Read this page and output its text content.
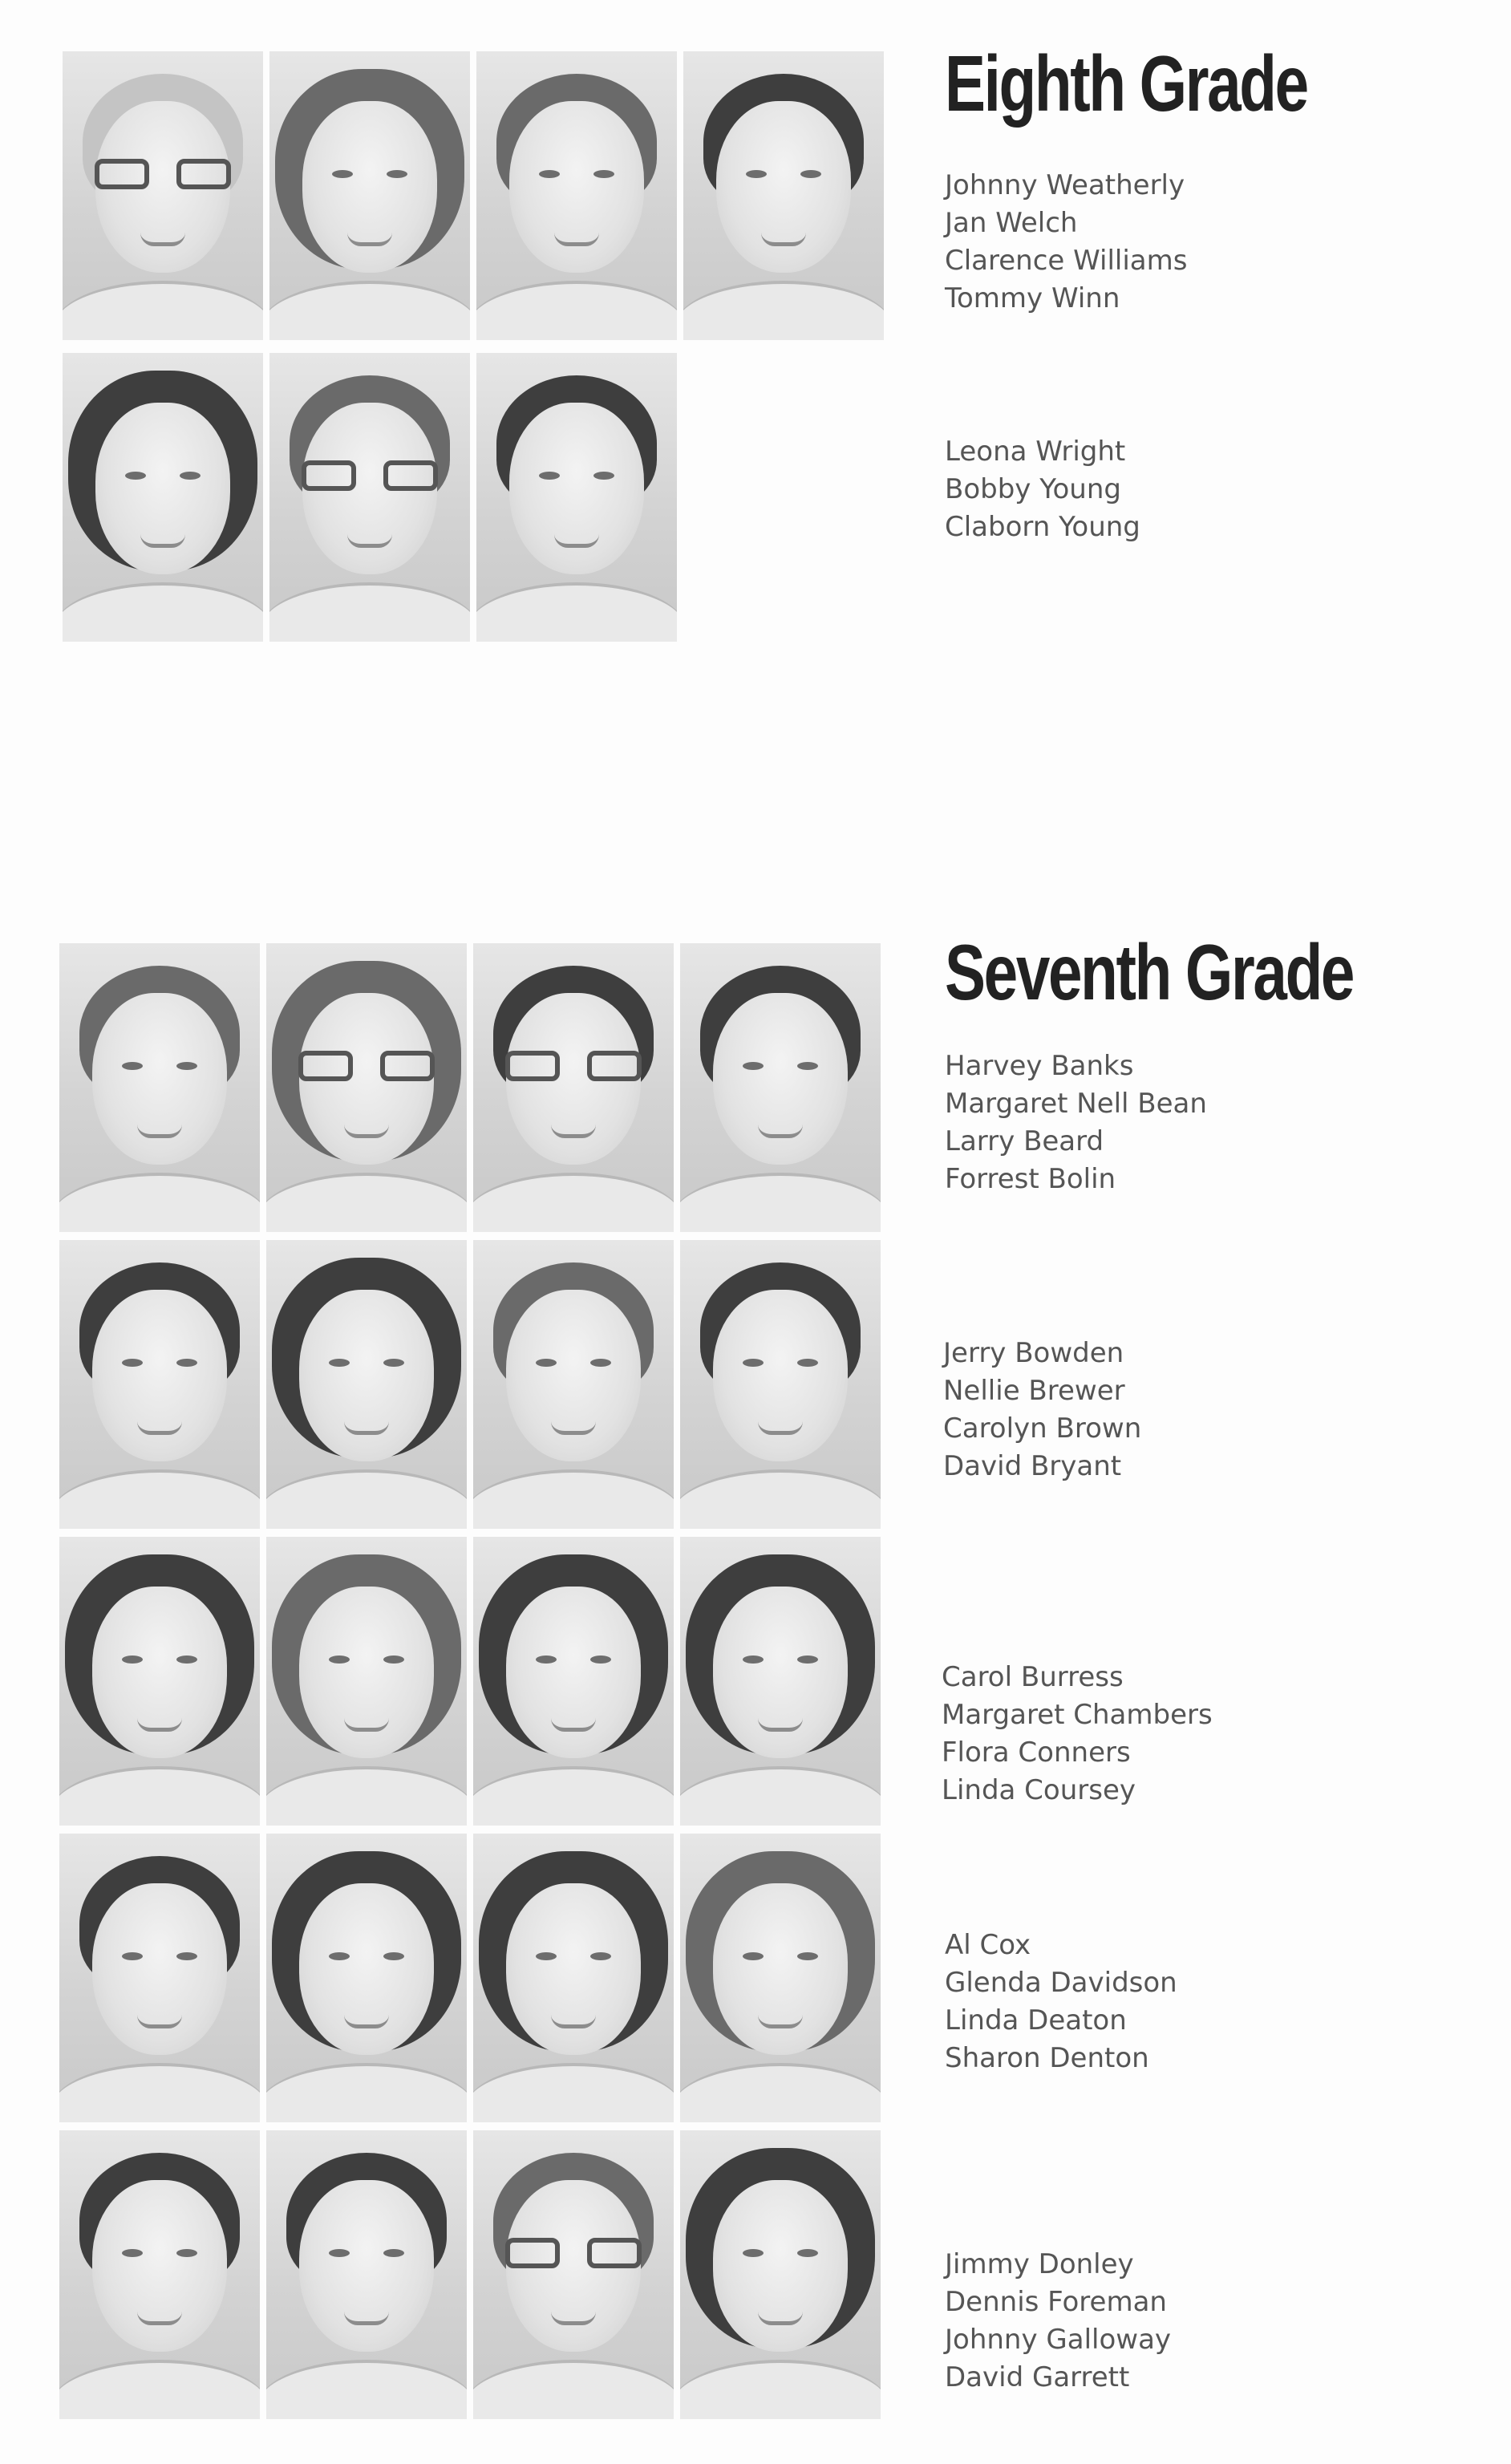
Eighth Grade
Johnny Weatherly
Jan Welch
Clarence Williams
Tommy Winn
Leona Wright
Bobby Young
Claborn Young
Seventh Grade
Harvey Banks
Margaret Nell Bean
Larry Beard
Forrest Bolin
Jerry Bowden
Nellie Brewer
Carolyn Brown
David Bryant
Carol Burress
Margaret Chambers
Flora Conners
Linda Coursey
Al Cox
Glenda Davidson
Linda Deaton
Sharon Denton
Jimmy Donley
Dennis Foreman
Johnny Galloway
David Garrett
